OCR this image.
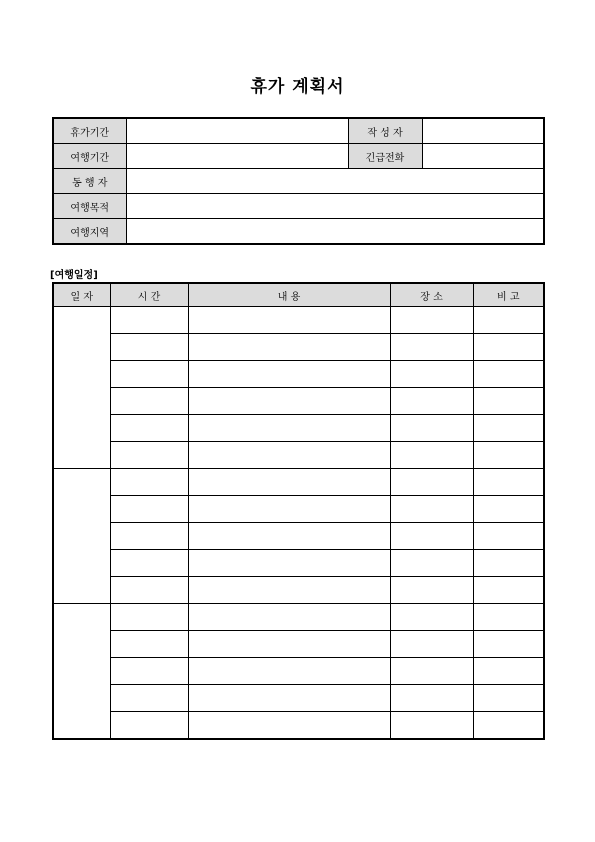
휴가 계획서
휴가기간		작 성 자	
여행기간		긴급전화	
동 행 자			
여행목적			
여행지역			
[여행일정]
일 자	시 간	내 용	장 소	비 고
